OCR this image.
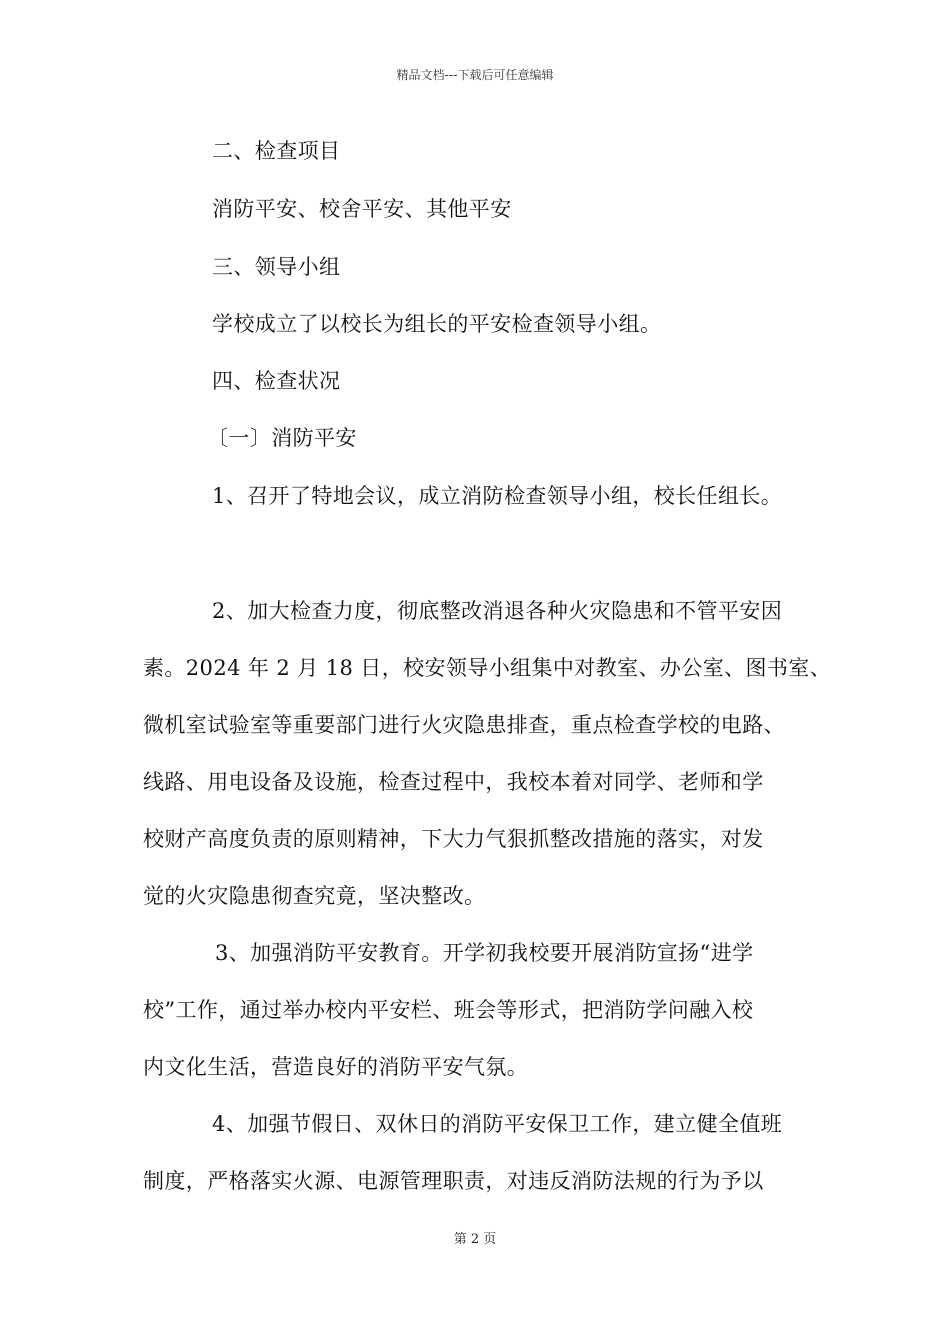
精品文档---下载后可任意编辑
二、检查项目
消防平安、校舍平安、其他平安
三、领导小组
学校成立了以校长为组长的平安检查领导小组。
四、检查状况
〔一〕消防平安
1、召开了特地会议，成立消防检查领导小组，校长任组长。
2、加大检查力度，彻底整改消退各种火灾隐患和不管平安因
素。2024 年 2 月 18 日，校安领导小组集中对教室、办公室、图书室、
微机室试验室等重要部门进行火灾隐患排查，重点检查学校的电路、
线路、用电设备及设施，检查过程中，我校本着对同学、老师和学
校财产高度负责的原则精神，下大力气狠抓整改措施的落实，对发
觉的火灾隐患彻查究竟，坚决整改。
3、加强消防平安教育。开学初我校要开展消防宣扬“进学
校”工作，通过举办校内平安栏、班会等形式，把消防学问融入校
内文化生活，营造良好的消防平安气氛。
4、加强节假日、双休日的消防平安保卫工作，建立健全值班
制度，严格落实火源、电源管理职责，对违反消防法规的行为予以
第 2 页
